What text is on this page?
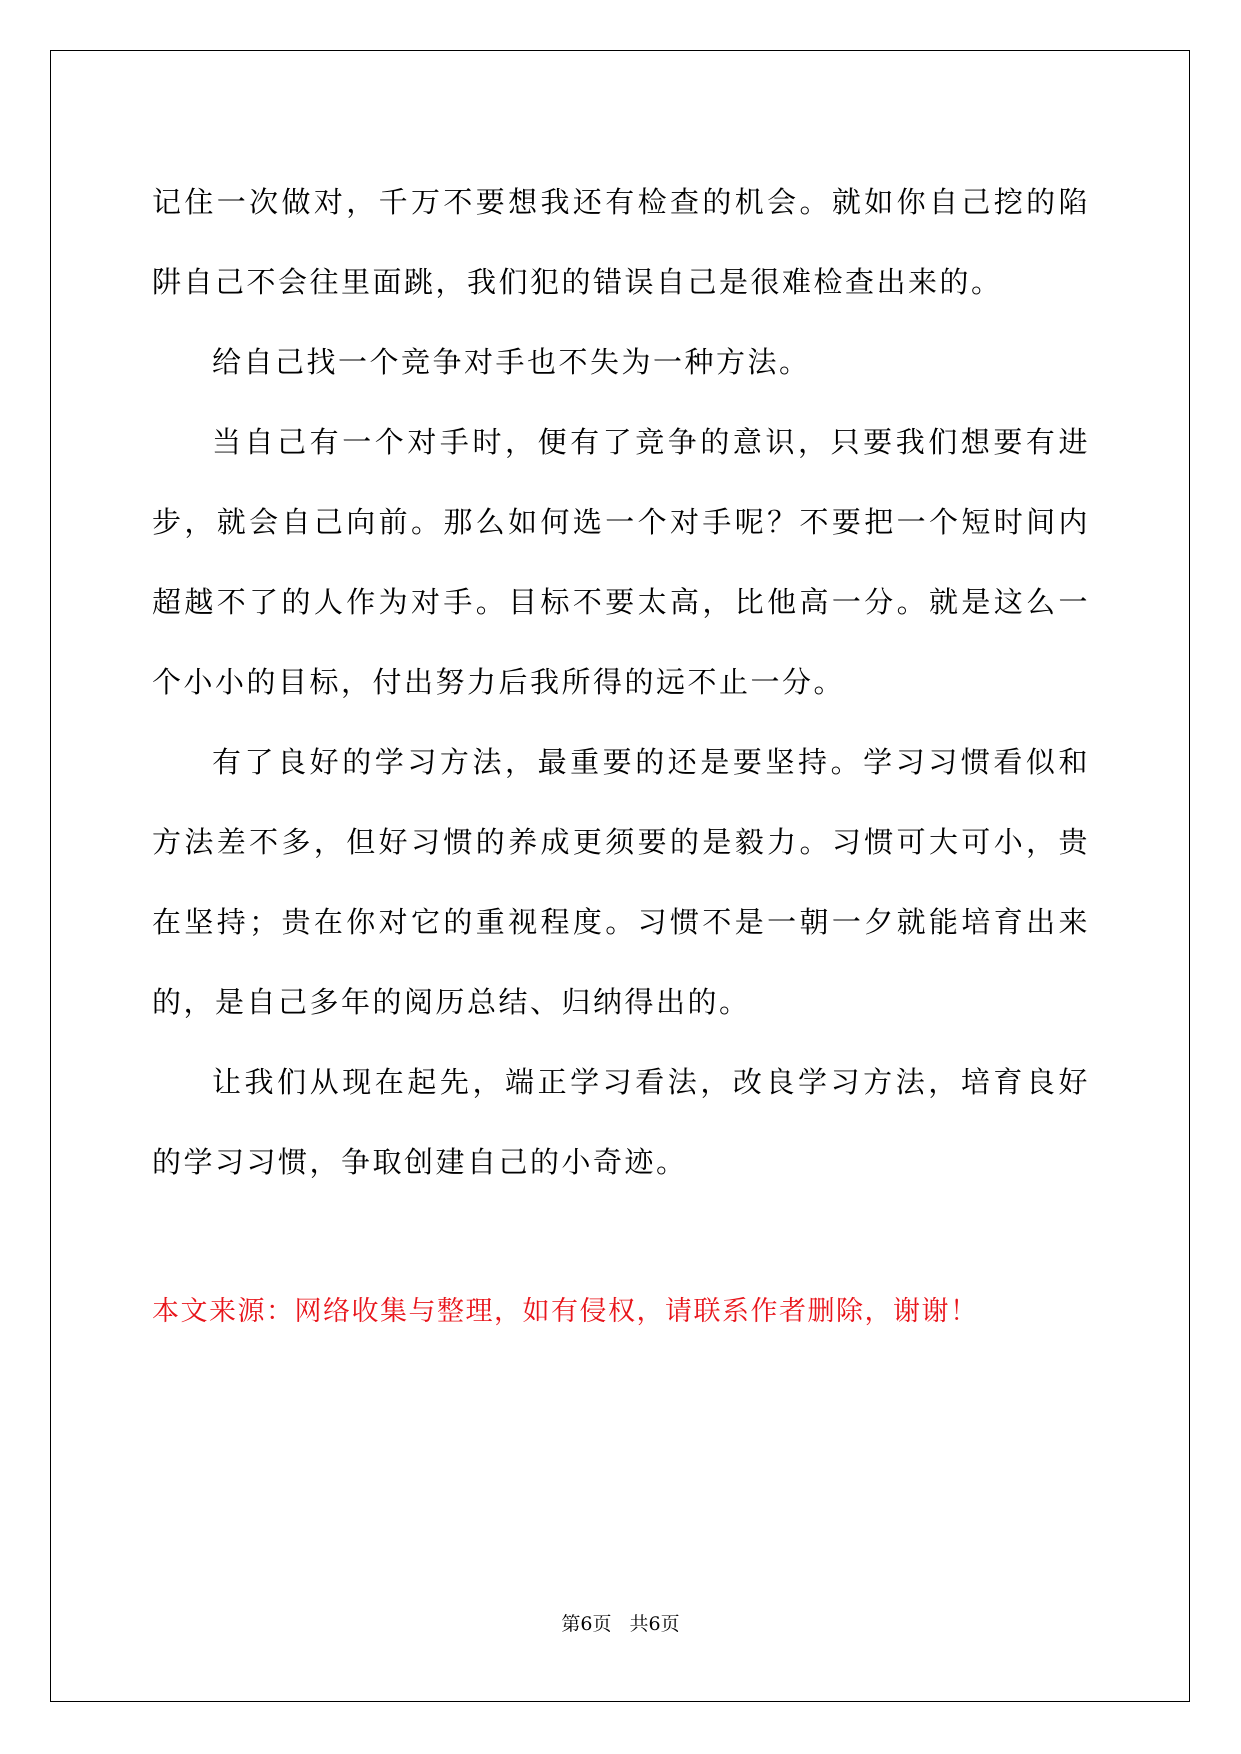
记住一次做对，千万不要想我还有检查的机会。就如你自己挖的陷阱自己不会往里面跳，我们犯的错误自己是很难检查出来的。

给自己找一个竞争对手也不失为一种方法。

当自己有一个对手时，便有了竞争的意识，只要我们想要有进步，就会自己向前。那么如何选一个对手呢？不要把一个短时间内超越不了的人作为对手。目标不要太高，比他高一分。就是这么一个小小的目标，付出努力后我所得的远不止一分。

有了良好的学习方法，最重要的还是要坚持。学习习惯看似和方法差不多，但好习惯的养成更须要的是毅力。习惯可大可小，贵在坚持；贵在你对它的重视程度。习惯不是一朝一夕就能培育出来的，是自己多年的阅历总结、归纳得出的。

让我们从现在起先，端正学习看法，改良学习方法，培育良好的学习习惯，争取创建自己的小奇迹。

本文来源：网络收集与整理，如有侵权，请联系作者删除，谢谢！
第6页 共6页
